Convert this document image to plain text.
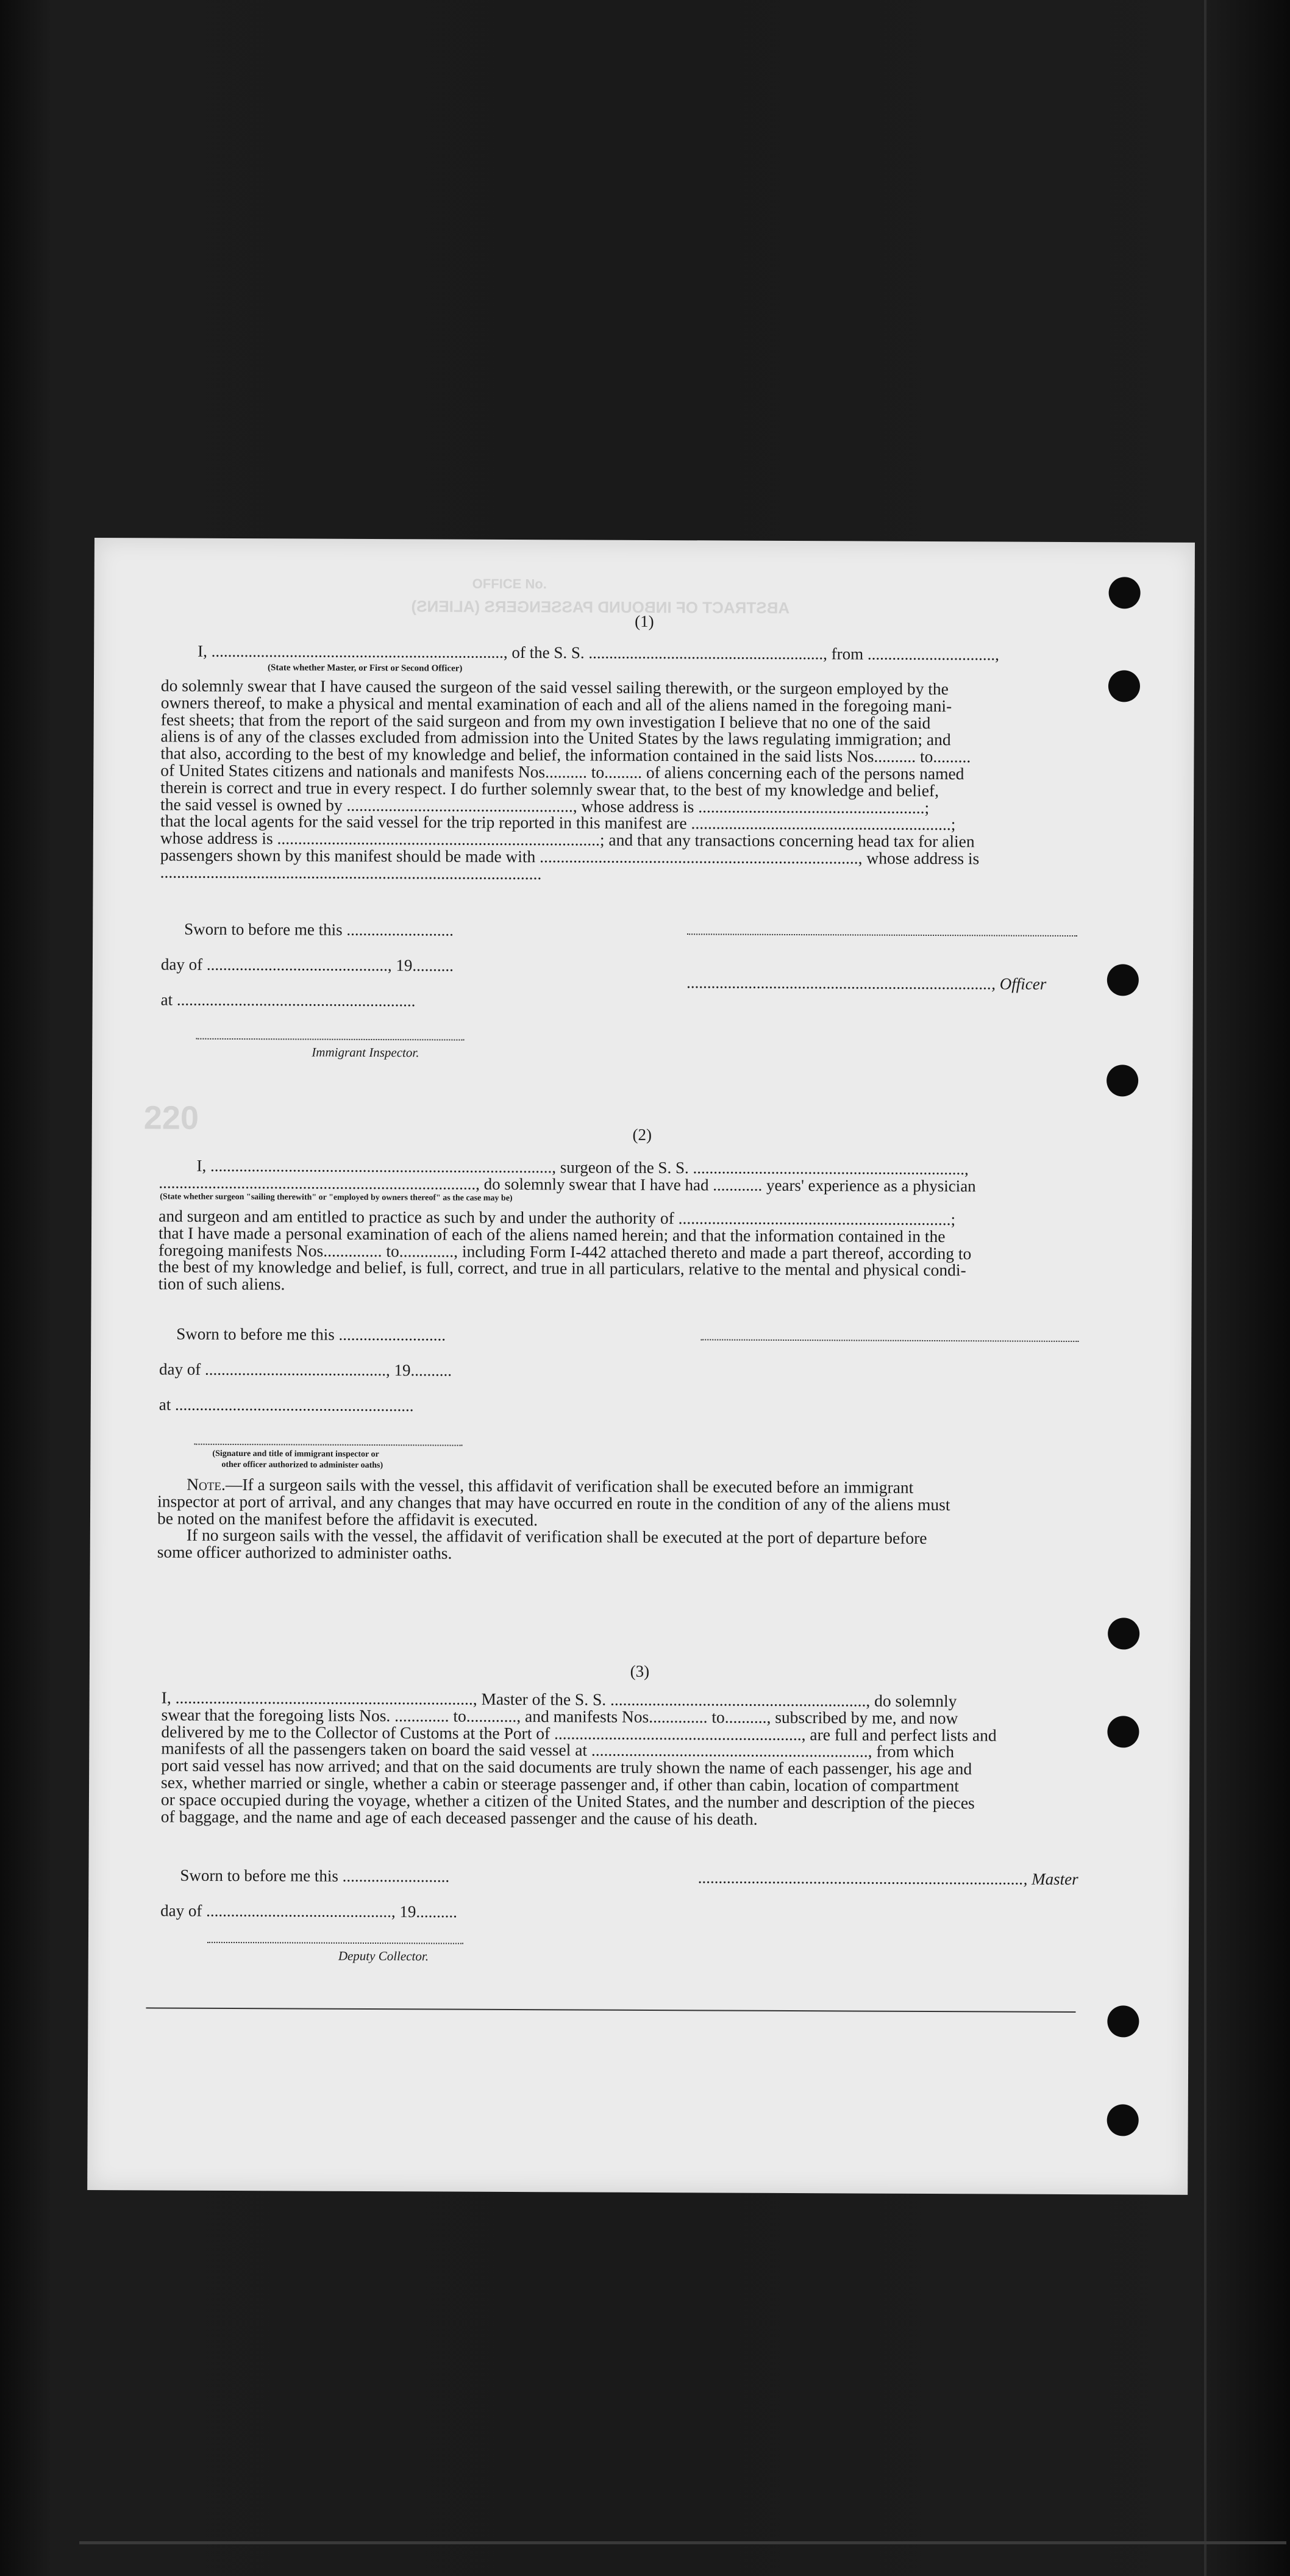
OFFICE No.
ABSTRACT OF INBOUND PASSENGERS (ALIENS)
220
(1)
I, ......................................................................., of the S. S. ........................................................., from ...............................,
(State whether Master, or First or Second Officer)
do solemnly swear that I have caused the surgeon of the said vessel sailing therewith, or the surgeon employed by the
owners thereof, to make a physical and mental examination of each and all of the aliens named in the foregoing mani-
fest sheets; that from the report of the said surgeon and from my own investigation I believe that no one of the said
aliens is of any of the classes excluded from admission into the United States by the laws regulating immigration; and
that also, according to the best of my knowledge and belief, the information contained in the said lists Nos.......... to.........
of United States citizens and nationals and manifests Nos.......... to......... of aliens concerning each of the persons named
therein is correct and true in every respect. I do further solemnly swear that, to the best of my knowledge and belief,
the said vessel is owned by ......................................................, whose address is ......................................................;
that the local agents for the said vessel for the trip reported in this manifest are ..............................................................;
whose address is .............................................................................; and that any transactions concerning head tax for alien
passengers shown by this manifest should be made with ............................................................................, whose address is
...........................................................................................
Sworn to before me this ..........................
day of ............................................, 19..........
at ..........................................................
.........................................................................., Officer
Immigrant Inspector.
(2)
I, ..................................................................................., surgeon of the S. S. ..................................................................,
............................................................................., do solemnly swear that I have had ............ years' experience as a physician
(State whether surgeon "sailing therewith" or "employed by owners thereof" as the case may be)
and surgeon and am entitled to practice as such by and under the authority of .................................................................;
that I have made a personal examination of each of the aliens named herein; and that the information contained in the
foregoing manifests Nos.............. to............., including Form I-442 attached thereto and made a part thereof, according to
the best of my knowledge and belief, is full, correct, and true in all particulars, relative to the mental and physical condi-
tion of such aliens.
Sworn to before me this ..........................
day of ............................................, 19..........
at ..........................................................
(Signature and title of immigrant inspector or
other officer authorized to administer oaths)
Note.—If a surgeon sails with the vessel, this affidavit of verification shall be executed before an immigrant
inspector at port of arrival, and any changes that may have occurred en route in the condition of any of the aliens must
be noted on the manifest before the affidavit is executed.
If no surgeon sails with the vessel, the affidavit of verification shall be executed at the port of departure before
some officer authorized to administer oaths.
(3)
I, ......................................................................., Master of the S. S. ............................................................., do solemnly
swear that the foregoing lists Nos. ............. to............, and manifests Nos.............. to.........., subscribed by me, and now
delivered by me to the Collector of Customs at the Port of ..........................................................., are full and perfect lists and
manifests of all the passengers taken on board the said vessel at .................................................................., from which
port said vessel has now arrived; and that on the said documents are truly shown the name of each passenger, his age and
sex, whether married or single, whether a cabin or steerage passenger and, if other than cabin, location of compartment
or space occupied during the voyage, whether a citizen of the United States, and the number and description of the pieces
of baggage, and the name and age of each deceased passenger and the cause of his death.
Sworn to before me this ..........................	..............................................................................., Master
day of ............................................., 19..........
Deputy Collector.
